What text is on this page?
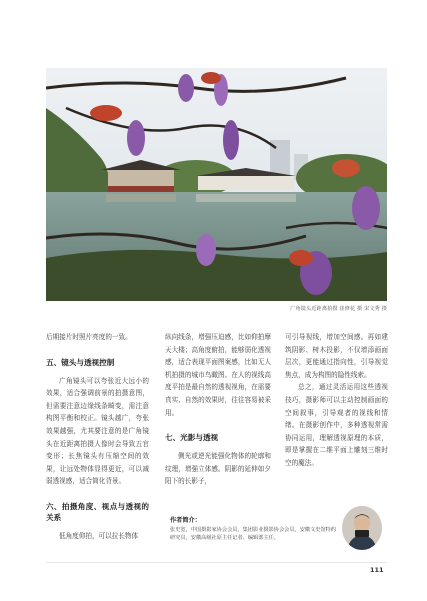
广角镜头近距离拍摄 崔修花 摄 宋文秀 摄

后期接片时照片亮度的一致。

五、镜头与透视控制

广角镜头可以夸张近大远小的效果，适合强调前景的拍摄意图，但需要注意边缘线条畸变，需注意构图平衡和校正。镜头越广，夸张效果越强，尤其要注意的是广角镜头在近距离拍摄人像时会导致五官变形；长焦镜头有压缩空间的效果，让远处物体显得更近，可以减弱透视感，适合简化背景。

六、拍摄角度、视点与透视的关系

低角度仰拍，可以拉长物体

纵向线条，增强压迫感，比如仰拍摩天大楼；高角度俯拍，能够弱化透视感，适合表现平面图案感，比如无人机拍摄的城市鸟瞰图。在人的视线高度平拍是最自然的透视视角，在需要真实、自然的效果时，往往容易被采用。

七、光影与透视

侧光或逆光能强化物体的轮廓和纹理，增强立体感。阴影的延伸如夕阳下的长影子，

可引导视线，增加空间感。再如建筑阴影、树木投影，不仅增添画面层次，更能通过指向性，引导视觉焦点，成为构图的隐性线索。

总之，通过灵活运用这些透视技巧，摄影师可以主动控制画面的空间叙事，引导观者的视线和情绪。在摄影创作中，多种透视常需协同运用，理解透视原理的本质，即是掌握在二维平面上雕刻三维时空的魔法。

作者简介：
张史宽，中国摄影家协会会员，集团影业摄影协会会员，安徽文史馆特约研究员，安徽高级社原主任记者、编辑部主任。
111
